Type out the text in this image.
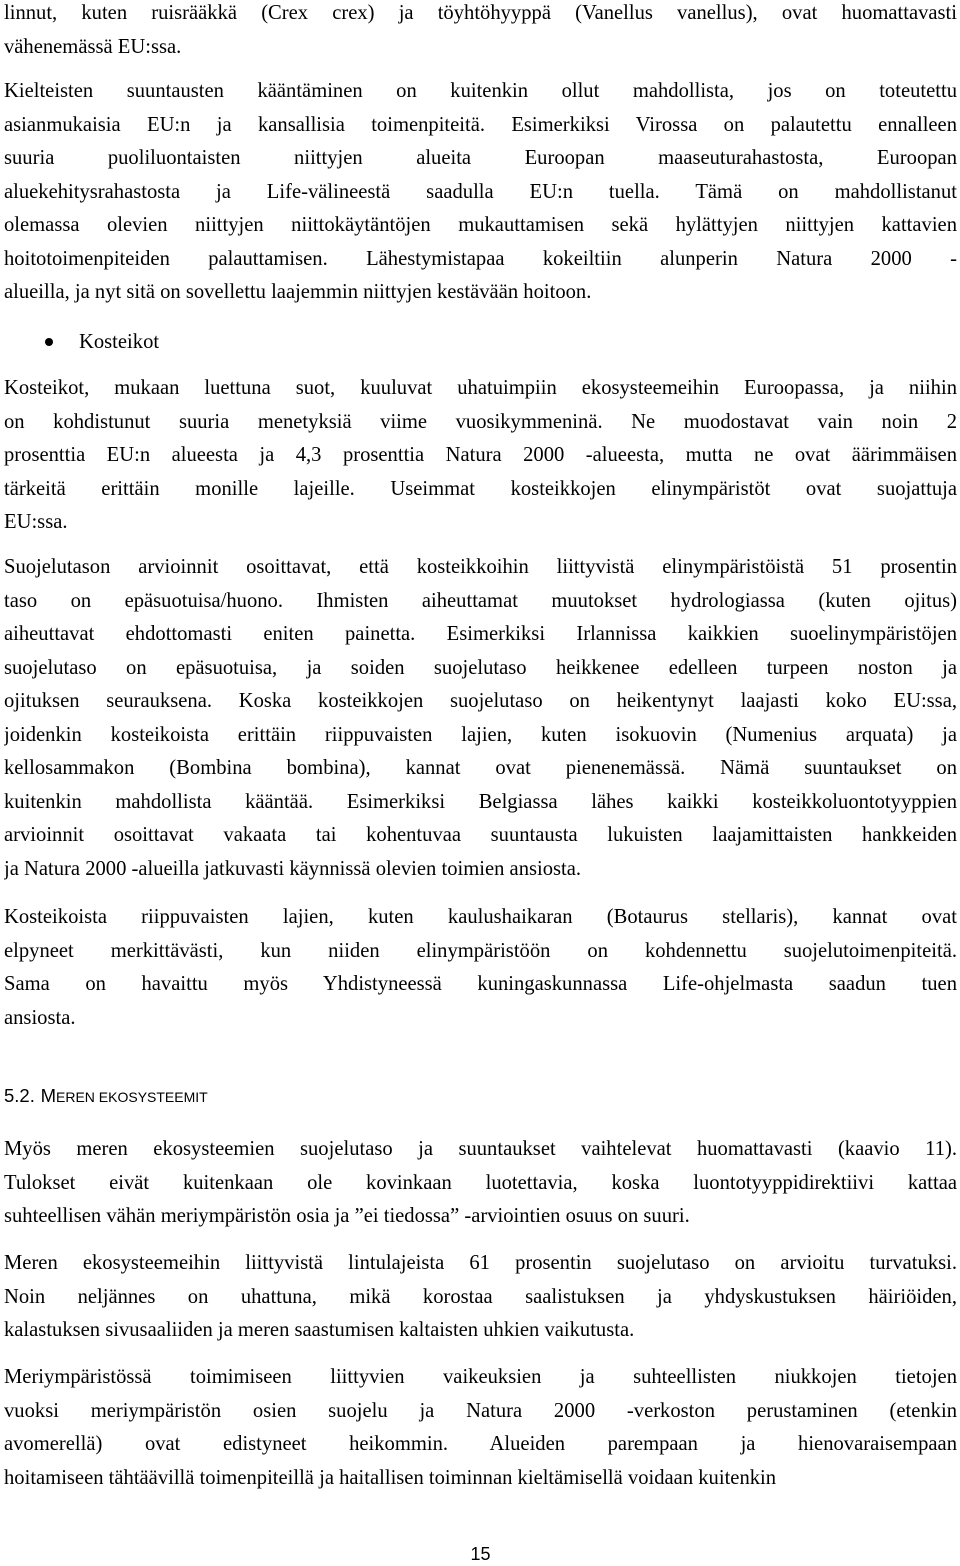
linnut, kuten ruisrääkkä (Crex crex) ja töyhtöhyyppä (Vanellus vanellus), ovat huomattavasti
vähenemässä EU:ssa.
Kielteisten suuntausten kääntäminen on kuitenkin ollut mahdollista, jos on toteutettu
asianmukaisia EU:n ja kansallisia toimenpiteitä. Esimerkiksi Virossa on palautettu ennalleen
suuria puoliluontaisten niittyjen alueita Euroopan maaseuturahastosta, Euroopan
aluekehitysrahastosta ja Life-välineestä saadulla EU:n tuella. Tämä on mahdollistanut
olemassa olevien niittyjen niittokäytäntöjen mukauttamisen sekä hylättyjen niittyjen kattavien
hoitotoimenpiteiden palauttamisen. Lähestymistapaa kokeiltiin alunperin Natura 2000 -
alueilla, ja nyt sitä on sovellettu laajemmin niittyjen kestävään hoitoon.
Kosteikot
Kosteikot, mukaan luettuna suot, kuuluvat uhatuimpiin ekosysteemeihin Euroopassa, ja niihin
on kohdistunut suuria menetyksiä viime vuosikymmeninä. Ne muodostavat vain noin 2
prosenttia EU:n alueesta ja 4,3 prosenttia Natura 2000 -alueesta, mutta ne ovat äärimmäisen
tärkeitä erittäin monille lajeille. Useimmat kosteikkojen elinympäristöt ovat suojattuja
EU:ssa.
Suojelutason arvioinnit osoittavat, että kosteikkoihin liittyvistä elinympäristöistä 51 prosentin
taso on epäsuotuisa/huono. Ihmisten aiheuttamat muutokset hydrologiassa (kuten ojitus)
aiheuttavat ehdottomasti eniten painetta. Esimerkiksi Irlannissa kaikkien suoelinympäristöjen
suojelutaso on epäsuotuisa, ja soiden suojelutaso heikkenee edelleen turpeen noston ja
ojituksen seurauksena. Koska kosteikkojen suojelutaso on heikentynyt laajasti koko EU:ssa,
joidenkin kosteikoista erittäin riippuvaisten lajien, kuten isokuovin (Numenius arquata) ja
kellosammakon (Bombina bombina), kannat ovat pienenemässä. Nämä suuntaukset on
kuitenkin mahdollista kääntää. Esimerkiksi Belgiassa lähes kaikki kosteikkoluontotyyppien
arvioinnit osoittavat vakaata tai kohentuvaa suuntausta lukuisten laajamittaisten hankkeiden
ja Natura 2000 -alueilla jatkuvasti käynnissä olevien toimien ansiosta.
Kosteikoista riippuvaisten lajien, kuten kaulushaikaran (Botaurus stellaris), kannat ovat
elpyneet merkittävästi, kun niiden elinympäristöön on kohdennettu suojelutoimenpiteitä.
Sama on havaittu myös Yhdistyneessä kuningaskunnassa Life-ohjelmasta saadun tuen
ansiosta.
5.2. MEREN EKOSYSTEEMIT
Myös meren ekosysteemien suojelutaso ja suuntaukset vaihtelevat huomattavasti (kaavio 11).
Tulokset eivät kuitenkaan ole kovinkaan luotettavia, koska luontotyyppidirektiivi kattaa
suhteellisen vähän meriympäristön osia ja ”ei tiedossa” -arviointien osuus on suuri.
Meren ekosysteemeihin liittyvistä lintulajeista 61 prosentin suojelutaso on arvioitu turvatuksi.
Noin neljännes on uhattuna, mikä korostaa saalistuksen ja yhdyskustuksen häiriöiden,
kalastuksen sivusaaliiden ja meren saastumisen kaltaisten uhkien vaikutusta.
Meriympäristössä toimimiseen liittyvien vaikeuksien ja suhteellisten niukkojen tietojen
vuoksi meriympäristön osien suojelu ja Natura 2000 -verkoston perustaminen (etenkin
avomerellä) ovat edistyneet heikommin. Alueiden parempaan ja hienovaraisempaan
hoitamiseen tähtäävillä toimenpiteillä ja haitallisen toiminnan kieltämisellä voidaan kuitenkin
15
